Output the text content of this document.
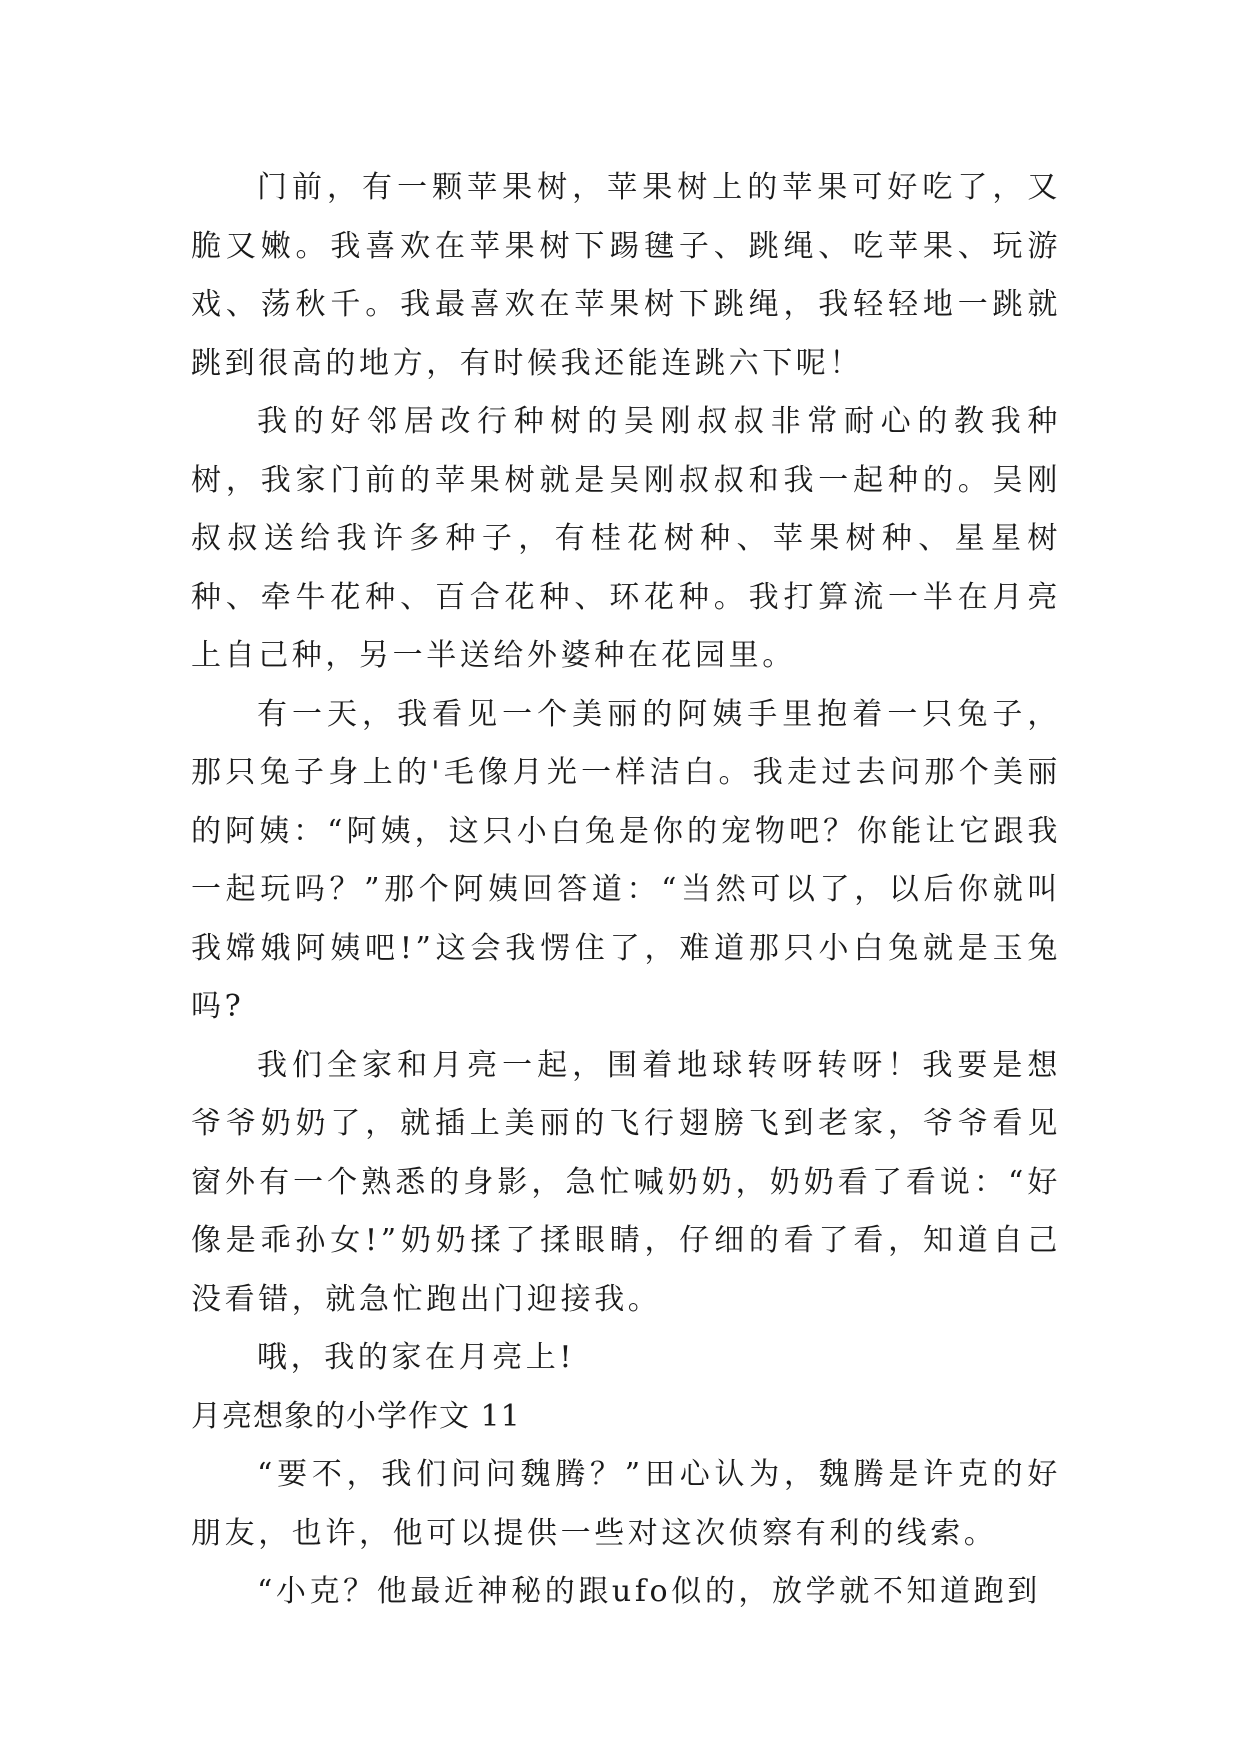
门前，有一颗苹果树，苹果树上的苹果可好吃了，又脆又嫩。我喜欢在苹果树下踢毽子、跳绳、吃苹果、玩游戏、荡秋千。我最喜欢在苹果树下跳绳，我轻轻地一跳就跳到很高的地方，有时候我还能连跳六下呢！

我的好邻居改行种树的吴刚叔叔非常耐心的教我种树，我家门前的苹果树就是吴刚叔叔和我一起种的。吴刚叔叔送给我许多种子，有桂花树种、苹果树种、星星树种、牵牛花种、百合花种、环花种。我打算流一半在月亮上自己种，另一半送给外婆种在花园里。

有一天，我看见一个美丽的阿姨手里抱着一只兔子，那只兔子身上的'毛像月光一样洁白。我走过去问那个美丽的阿姨：“阿姨，这只小白兔是你的宠物吧？你能让它跟我一起玩吗？”那个阿姨回答道：“当然可以了，以后你就叫我嫦娥阿姨吧!”这会我愣住了，难道那只小白兔就是玉兔吗?

我们全家和月亮一起，围着地球转呀转呀！我要是想爷爷奶奶了，就插上美丽的飞行翅膀飞到老家，爷爷看见窗外有一个熟悉的身影，急忙喊奶奶，奶奶看了看说：“好像是乖孙女!”奶奶揉了揉眼睛，仔细的看了看，知道自己没看错，就急忙跑出门迎接我。

哦，我的家在月亮上!

月亮想象的小学作文 11

“要不，我们问问魏腾？”田心认为，魏腾是许克的好朋友，也许，他可以提供一些对这次侦察有利的线索。

“小克？他最近神秘的跟ufo似的，放学就不知道跑到
